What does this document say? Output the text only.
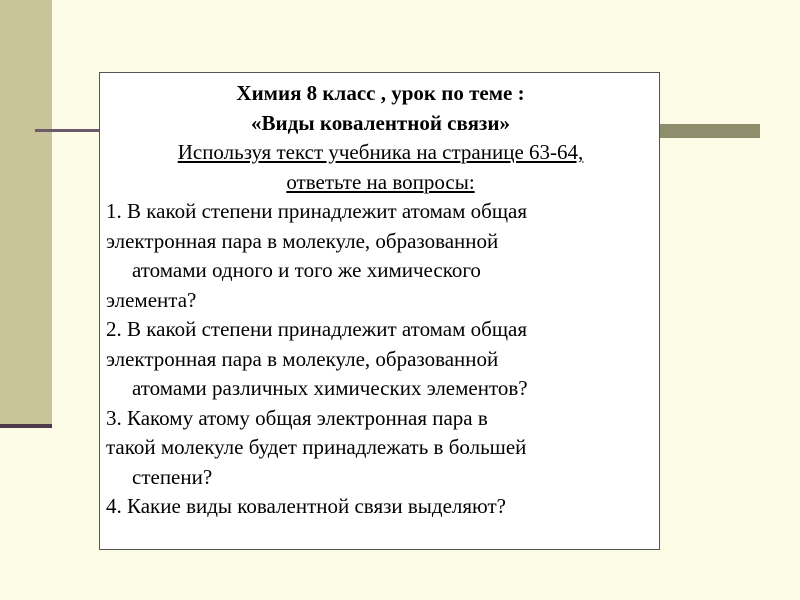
Химия 8 класс , урок по теме :
«Виды ковалентной связи»
Используя текст учебника на странице 63-64,
ответьте на вопросы:
1. В какой степени принадлежит атомам общая
электронная пара в молекуле, образованной
атомами одного и того же химического
элемента?
2. В какой степени принадлежит атомам общая
электронная пара в молекуле, образованной
атомами различных химических элементов?
3. Какому атому общая электронная пара в
такой молекуле будет принадлежать в большей
степени?
4. Какие виды ковалентной связи выделяют?
